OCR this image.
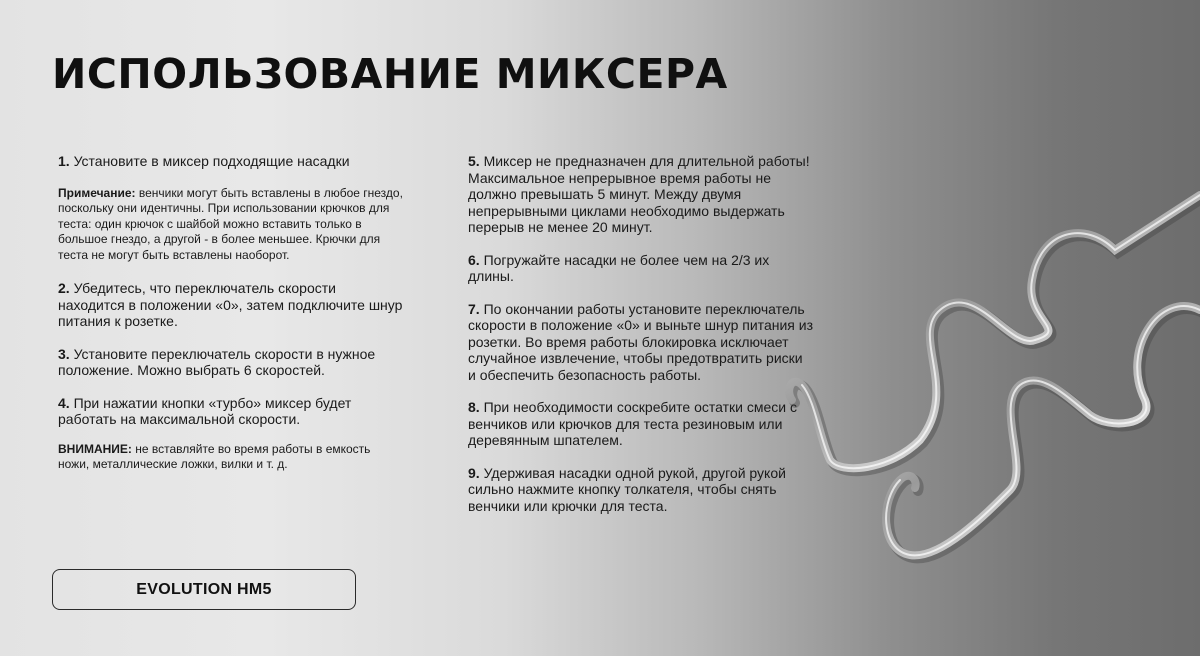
ИСПОЛЬЗОВАНИЕ МИКСЕРА

1. Установите в миксер подходящие насадки

Примечание: венчики могут быть вставлены в любое гнездо, поскольку они идентичны. При использовании крючков для теста: один крючок с шайбой можно вставить только в большое гнездо, а другой - в более меньшее. Крючки для теста не могут быть вставлены наоборот.

2. Убедитесь, что переключатель скорости находится в положении «0», затем подключите шнур питания к розетке.

3. Установите переключатель скорости в нужное положение. Можно выбрать 6 скоростей.

4. При нажатии кнопки «турбо» миксер будет работать на максимальной скорости.

ВНИМАНИЕ: не вставляйте во время работы в емкость ножи, металлические ложки, вилки и т. д.

5. Миксер не предназначен для длительной работы! Максимальное непрерывное время работы не должно превышать 5 минут. Между двумя непрерывными циклами необходимо выдержать перерыв не менее 20 минут.

6. Погружайте насадки не более чем на 2/3 их длины.

7. По окончании работы установите переключатель скорости в положение «0» и выньте шнур питания из розетки. Во время работы блокировка исключает случайное извлечение, чтобы предотвратить риски и обеспечить безопасность работы.

8. При необходимости соскребите остатки смеси с венчиков или крючков для теста резиновым или деревянным шпателем.

9. Удерживая насадки одной рукой, другой рукой сильно нажмите кнопку толкателя, чтобы снять венчики или крючки для теста.

EVOLUTION HM5
